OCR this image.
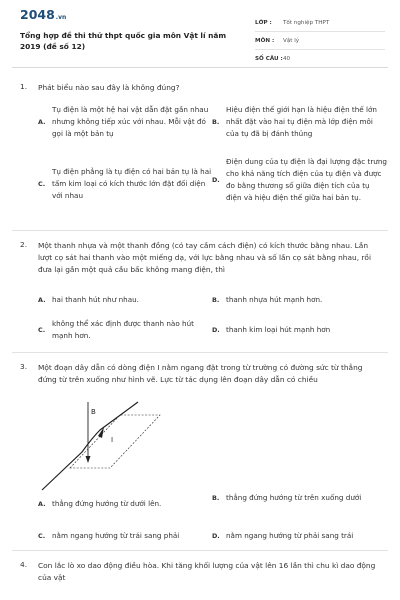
2048.vn
Tổng hợp đề thi thử thpt quốc gia môn Vật lí năm 2019 (đề số 12)
LỚP :	Tốt nghiệp THPT
MÔN :	Vật lý
SỐ CÂU : 40
1. Phát biểu nào sau đây là không đúng?
A.
Tụ điện là một hệ hai vật dẫn đặt gần nhau nhưng không tiếp xúc với nhau. Mỗi vật đó gọi là một bản tụ
B.
Hiệu điện thế giới hạn là hiệu điện thế lớn nhất đặt vào hai tụ điện mà lớp điện môi của tụ đã bị đánh thủng
C.
Tụ điện phẳng là tụ điện có hai bản tụ là hai tấm kim loại có kích thước lớn đặt đối diện với nhau
D.
Điện dung của tụ điện là đại lượng đặc trưng cho khả năng tích điện của tụ điện và được đo bằng thương số giữa điện tích của tụ điện và hiệu điện thế giữa hai bản tụ.
2. Một thanh nhựa và một thanh đồng (có tay cầm cách điện) có kích thước bằng nhau. Lần lượt cọ sát hai thanh vào một miếng dạ, với lực bằng nhau và số lần cọ sát bằng nhau, rồi đưa lại gần một quả cầu bấc không mang điện, thì
A. hai thanh hút như nhau.	B. thanh nhựa hút mạnh hơn.
C.
không thể xác định được thanh nào hút mạnh hơn.
D. thanh kim loại hút mạnh hơn
3. Một đoạn dây dẫn có dòng điện I nằm ngang đặt trong từ trường có đường sức từ thẳng đứng từ trên xuống như hình vẽ. Lực từ tác dụng lên đoạn dây dẫn có chiều
B
I
A. thẳng đứng hướng từ dưới lên.
B. thẳng đứng hướng từ trên xuống dưới
C. nằm ngang hướng từ trái sang phải	D. nằm ngang hướng từ phải sang trái
4. Con lắc lò xo dao động điều hòa. Khi tăng khối lượng của vật lên 16 lần thì chu kì dao động của vật
